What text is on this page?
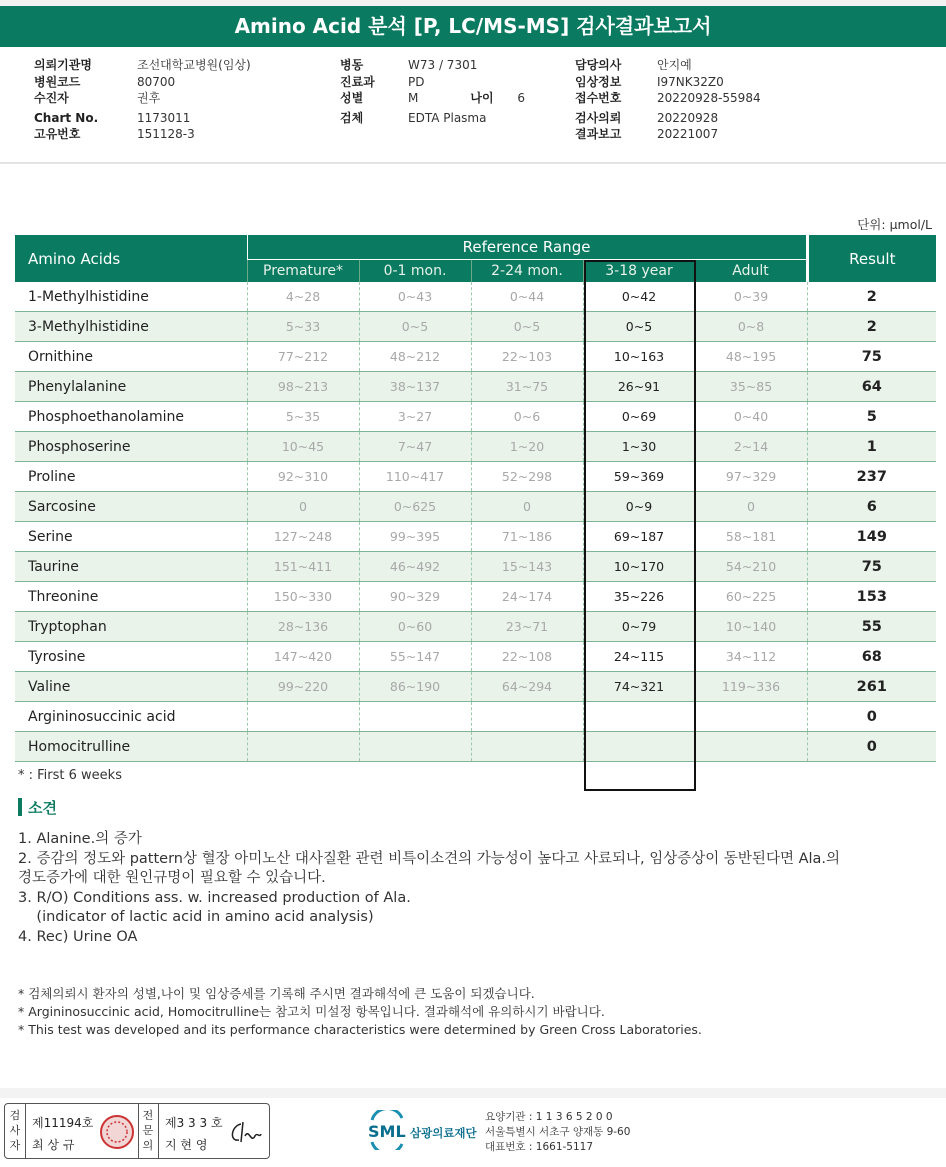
Amino Acid 분석 [P, LC/MS-MS] 검사결과보고서
의뢰기관명	조선대학교병원(임상)
병원코드	80700
수진자	권후
Chart No.	1173011
고유번호	151128-3
병동	W73 / 7301
진료과	PD
성별	M	나이 6
검체	EDTA Plasma
담당의사	안지예
임상정보	I97NK32Z0
접수번호	20220928-55984
검사의뢰	20220928
결과보고	20221007
단위: μmol/L
Amino Acids	Reference Range					Result
	Premature*	0-1 mon.	2-24 mon.	3-18 year	Adult	
1-Methylhistidine	4~28	0~43	0~44	0~42	0~39	2
3-Methylhistidine	5~33	0~5	0~5	0~5	0~8	2
Ornithine	77~212	48~212	22~103	10~163	48~195	75
Phenylalanine	98~213	38~137	31~75	26~91	35~85	64
Phosphoethanolamine	5~35	3~27	0~6	0~69	0~40	5
Phosphoserine	10~45	7~47	1~20	1~30	2~14	1
Proline	92~310	110~417	52~298	59~369	97~329	237
Sarcosine	0	0~625	0	0~9	0	6
Serine	127~248	99~395	71~186	69~187	58~181	149
Taurine	151~411	46~492	15~143	10~170	54~210	75
Threonine	150~330	90~329	24~174	35~226	60~225	153
Tryptophan	28~136	0~60	23~71	0~79	10~140	55
Tyrosine	147~420	55~147	22~108	24~115	34~112	68
Valine	99~220	86~190	64~294	74~321	119~336	261
Argininosuccinic acid						0
Homocitrulline						0
* : First 6 weeks
소견
1. Alanine.의 증가
2. 증감의 정도와 pattern상 혈장 아미노산 대사질환 관련 비특이소견의 가능성이 높다고 사료되나, 임상증상이 동반된다면 Ala.의
경도증가에 대한 원인규명이 필요할 수 있습니다.
3. R/O) Conditions ass. w. increased production of Ala.
(indicator of lactic acid in amino acid analysis)
4. Rec) Urine OA
* 검체의뢰시 환자의 성별,나이 및 임상증세를 기록해 주시면 결과해석에 큰 도움이 되겠습니다.
* Argininosuccinic acid, Homocitrulline는 참고치 미설정 항목입니다. 결과해석에 유의하시기 바랍니다.
* This test was developed and its performance characteristics were determined by Green Cross Laboratories.
검사자
제11194호
최 상 규
전문의
제3 3 3 호
지 현 영
SML 삼광의료재단
요양기관 : 1 1 3 6 5 2 0 0
서울특별시 서초구 양재동 9-60
대표번호 : 1661-5117
